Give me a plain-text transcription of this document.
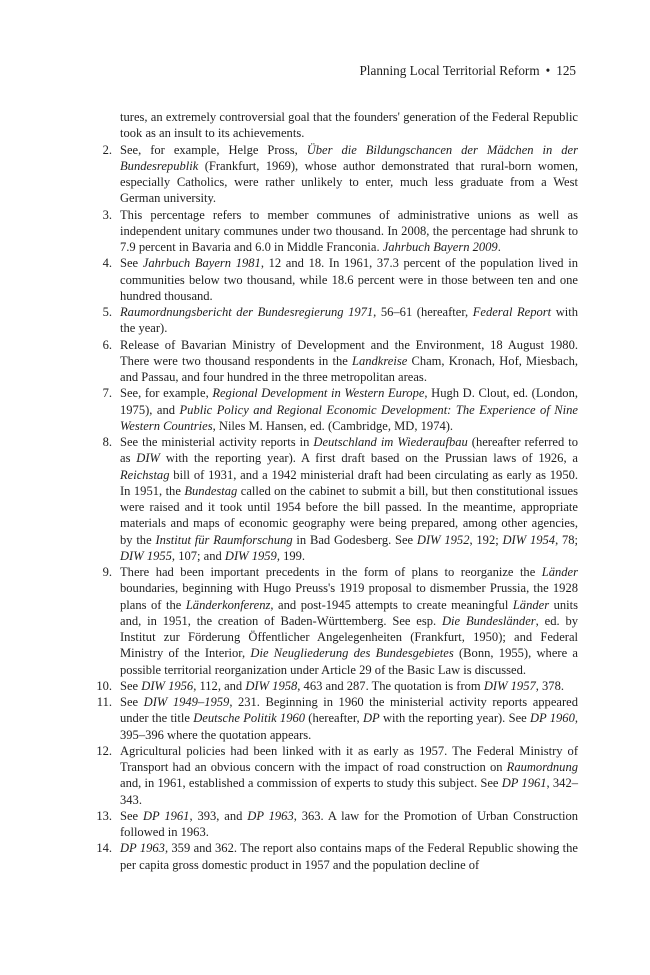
Planning Local Territorial Reform • 125
tures, an extremely controversial goal that the founders' generation of the Federal Republic took as an insult to its achievements.
2. See, for example, Helge Pross, Über die Bildungschancen der Mädchen in der Bundesrepublik (Frankfurt, 1969), whose author demonstrated that rural-born women, especially Catholics, were rather unlikely to enter, much less graduate from a West German university.
3. This percentage refers to member communes of administrative unions as well as independent unitary communes under two thousand. In 2008, the percentage had shrunk to 7.9 percent in Bavaria and 6.0 in Middle Franconia. Jahrbuch Bayern 2009.
4. See Jahrbuch Bayern 1981, 12 and 18. In 1961, 37.3 percent of the population lived in communities below two thousand, while 18.6 percent were in those between ten and one hundred thousand.
5. Raumordnungsbericht der Bundesregierung 1971, 56–61 (hereafter, Federal Report with the year).
6. Release of Bavarian Ministry of Development and the Environment, 18 August 1980. There were two thousand respondents in the Landkreise Cham, Kronach, Hof, Miesbach, and Passau, and four hundred in the three metropolitan areas.
7. See, for example, Regional Development in Western Europe, Hugh D. Clout, ed. (London, 1975), and Public Policy and Regional Economic Development: The Experience of Nine Western Countries, Niles M. Hansen, ed. (Cambridge, MD, 1974).
8. See the ministerial activity reports in Deutschland im Wiederaufbau (hereafter referred to as DIW with the reporting year). A first draft based on the Prussian laws of 1926, a Reichstag bill of 1931, and a 1942 ministerial draft had been circulating as early as 1950. In 1951, the Bundestag called on the cabinet to submit a bill, but then constitutional issues were raised and it took until 1954 before the bill passed. In the meantime, appropriate materials and maps of economic geography were being prepared, among other agencies, by the Institut für Raumforschung in Bad Godesberg. See DIW 1952, 192; DIW 1954, 78; DIW 1955, 107; and DIW 1959, 199.
9. There had been important precedents in the form of plans to reorganize the Länder boundaries, beginning with Hugo Preuss's 1919 proposal to dismember Prussia, the 1928 plans of the Länderkonferenz, and post-1945 attempts to create meaningful Länder units and, in 1951, the creation of Baden-Württemberg. See esp. Die Bundesländer, ed. by Institut zur Förderung Öffentlicher Angelegenheiten (Frankfurt, 1950); and Federal Ministry of the Interior, Die Neugliederung des Bundesgebietes (Bonn, 1955), where a possible territorial reorganization under Article 29 of the Basic Law is discussed.
10. See DIW 1956, 112, and DIW 1958, 463 and 287. The quotation is from DIW 1957, 378.
11. See DIW 1949–1959, 231. Beginning in 1960 the ministerial activity reports appeared under the title Deutsche Politik 1960 (hereafter, DP with the reporting year). See DP 1960, 395–396 where the quotation appears.
12. Agricultural policies had been linked with it as early as 1957. The Federal Ministry of Transport had an obvious concern with the impact of road construction on Raumordnung and, in 1961, established a commission of experts to study this subject. See DP 1961, 342–343.
13. See DP 1961, 393, and DP 1963, 363. A law for the Promotion of Urban Construction followed in 1963.
14. DP 1963, 359 and 362. The report also contains maps of the Federal Republic showing the per capita gross domestic product in 1957 and the population decline of
